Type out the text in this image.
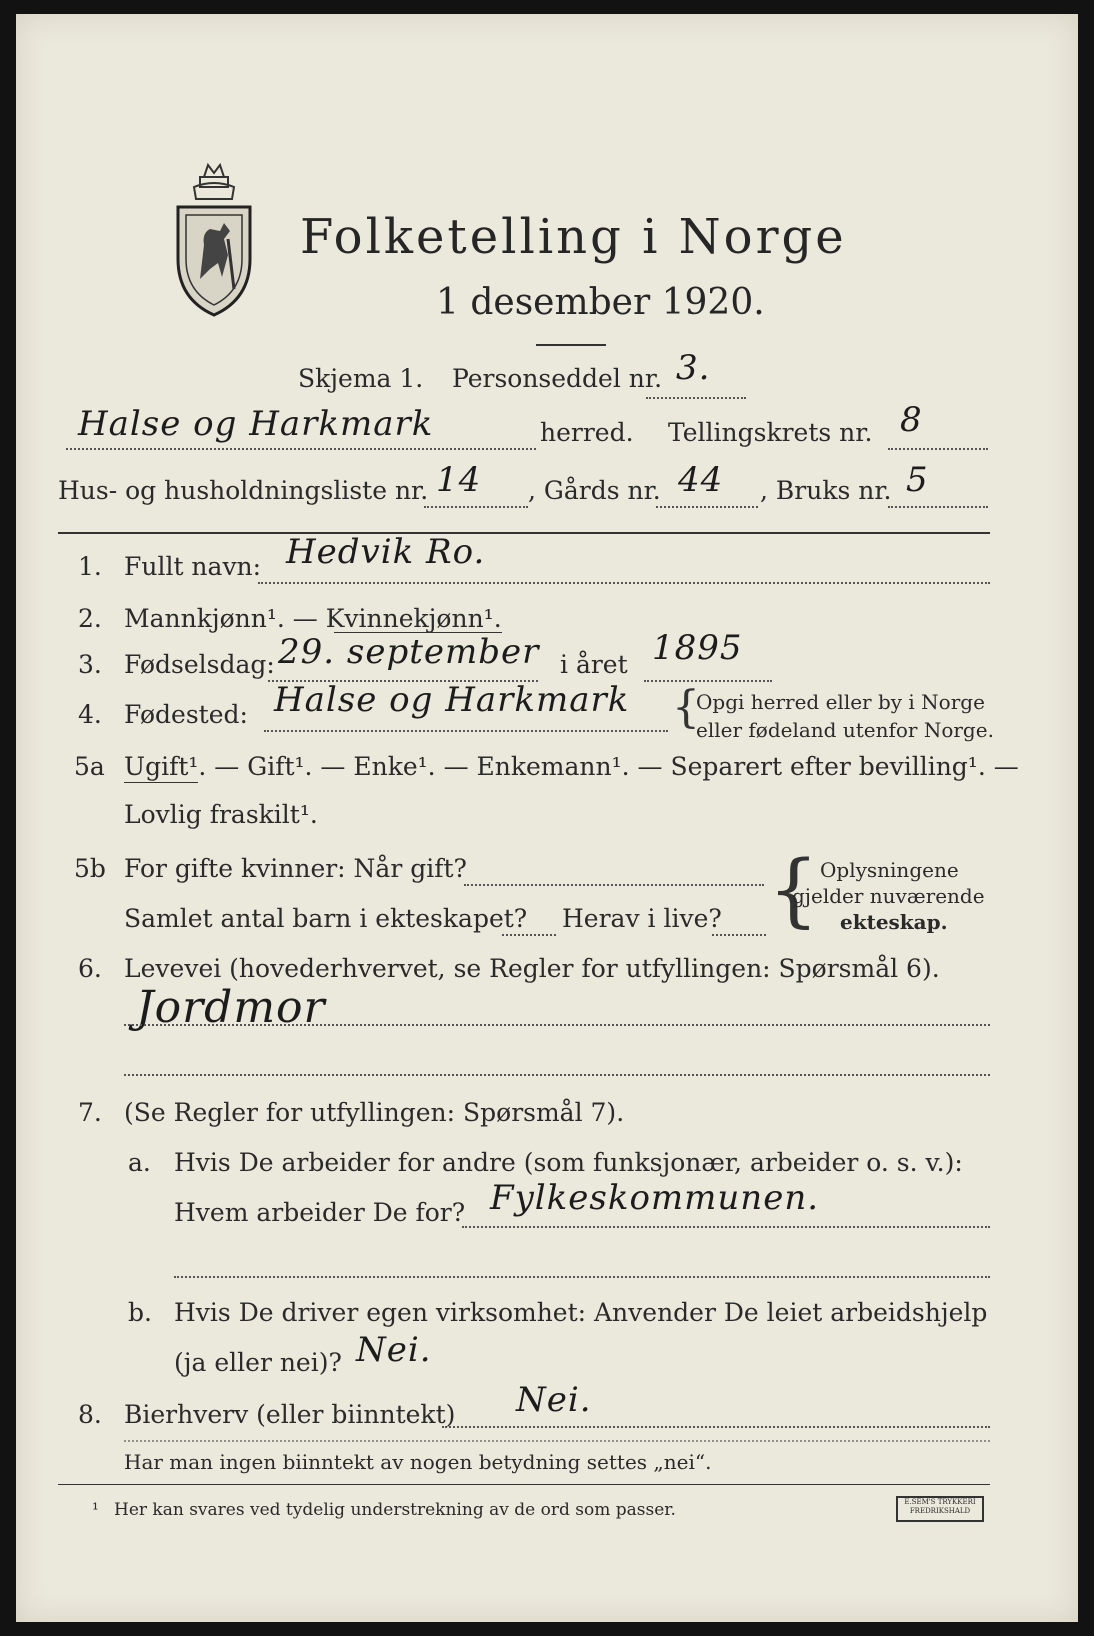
Folketelling i Norge
1 desember 1920.
Skjema 1. Personseddel nr. 3.
Halse og Harkmark	herred. Tellingskrets nr. 8
Hus- og husholdningsliste nr. 14 , Gårds nr. 44 , Bruks nr. 5
1. Fullt navn: Hedvik Ro.
2. Mannkjønn¹. — Kvinnekjønn¹.
3. Fødselsdag: 29. september i året 1895
4. Fødested: Halse og Harkmark {
Opgi herred eller by i Norge
eller fødeland utenfor Norge.
5a Ugift¹. — Gift¹. — Enke¹. — Enkemann¹. — Separert efter bevilling¹. —
Lovlig fraskilt¹.
5b For gifte kvinner: Når gift?
Samlet antal barn i ekteskapet? Herav i live? { Oplysningene
gjelder nuværende
ekteskap.
6. Levevei (hovederhvervet, se Regler for utfyllingen: Spørsmål 6).
Jordmor
7. (Se Regler for utfyllingen: Spørsmål 7).
a. Hvis De arbeider for andre (som funksjonær, arbeider o. s. v.):
Hvem arbeider De for? Fylkeskommunen.
b. Hvis De driver egen virksomhet: Anvender De leiet arbeidshjelp
(ja eller nei)? Nei.
8. Bierhverv (eller biinntekt) Nei.
Har man ingen biinntekt av nogen betydning settes „nei“.
¹ Her kan svares ved tydelig understrekning av de ord som passer.	E.SEM'S TRYKKERI FREDRIKSHALD
